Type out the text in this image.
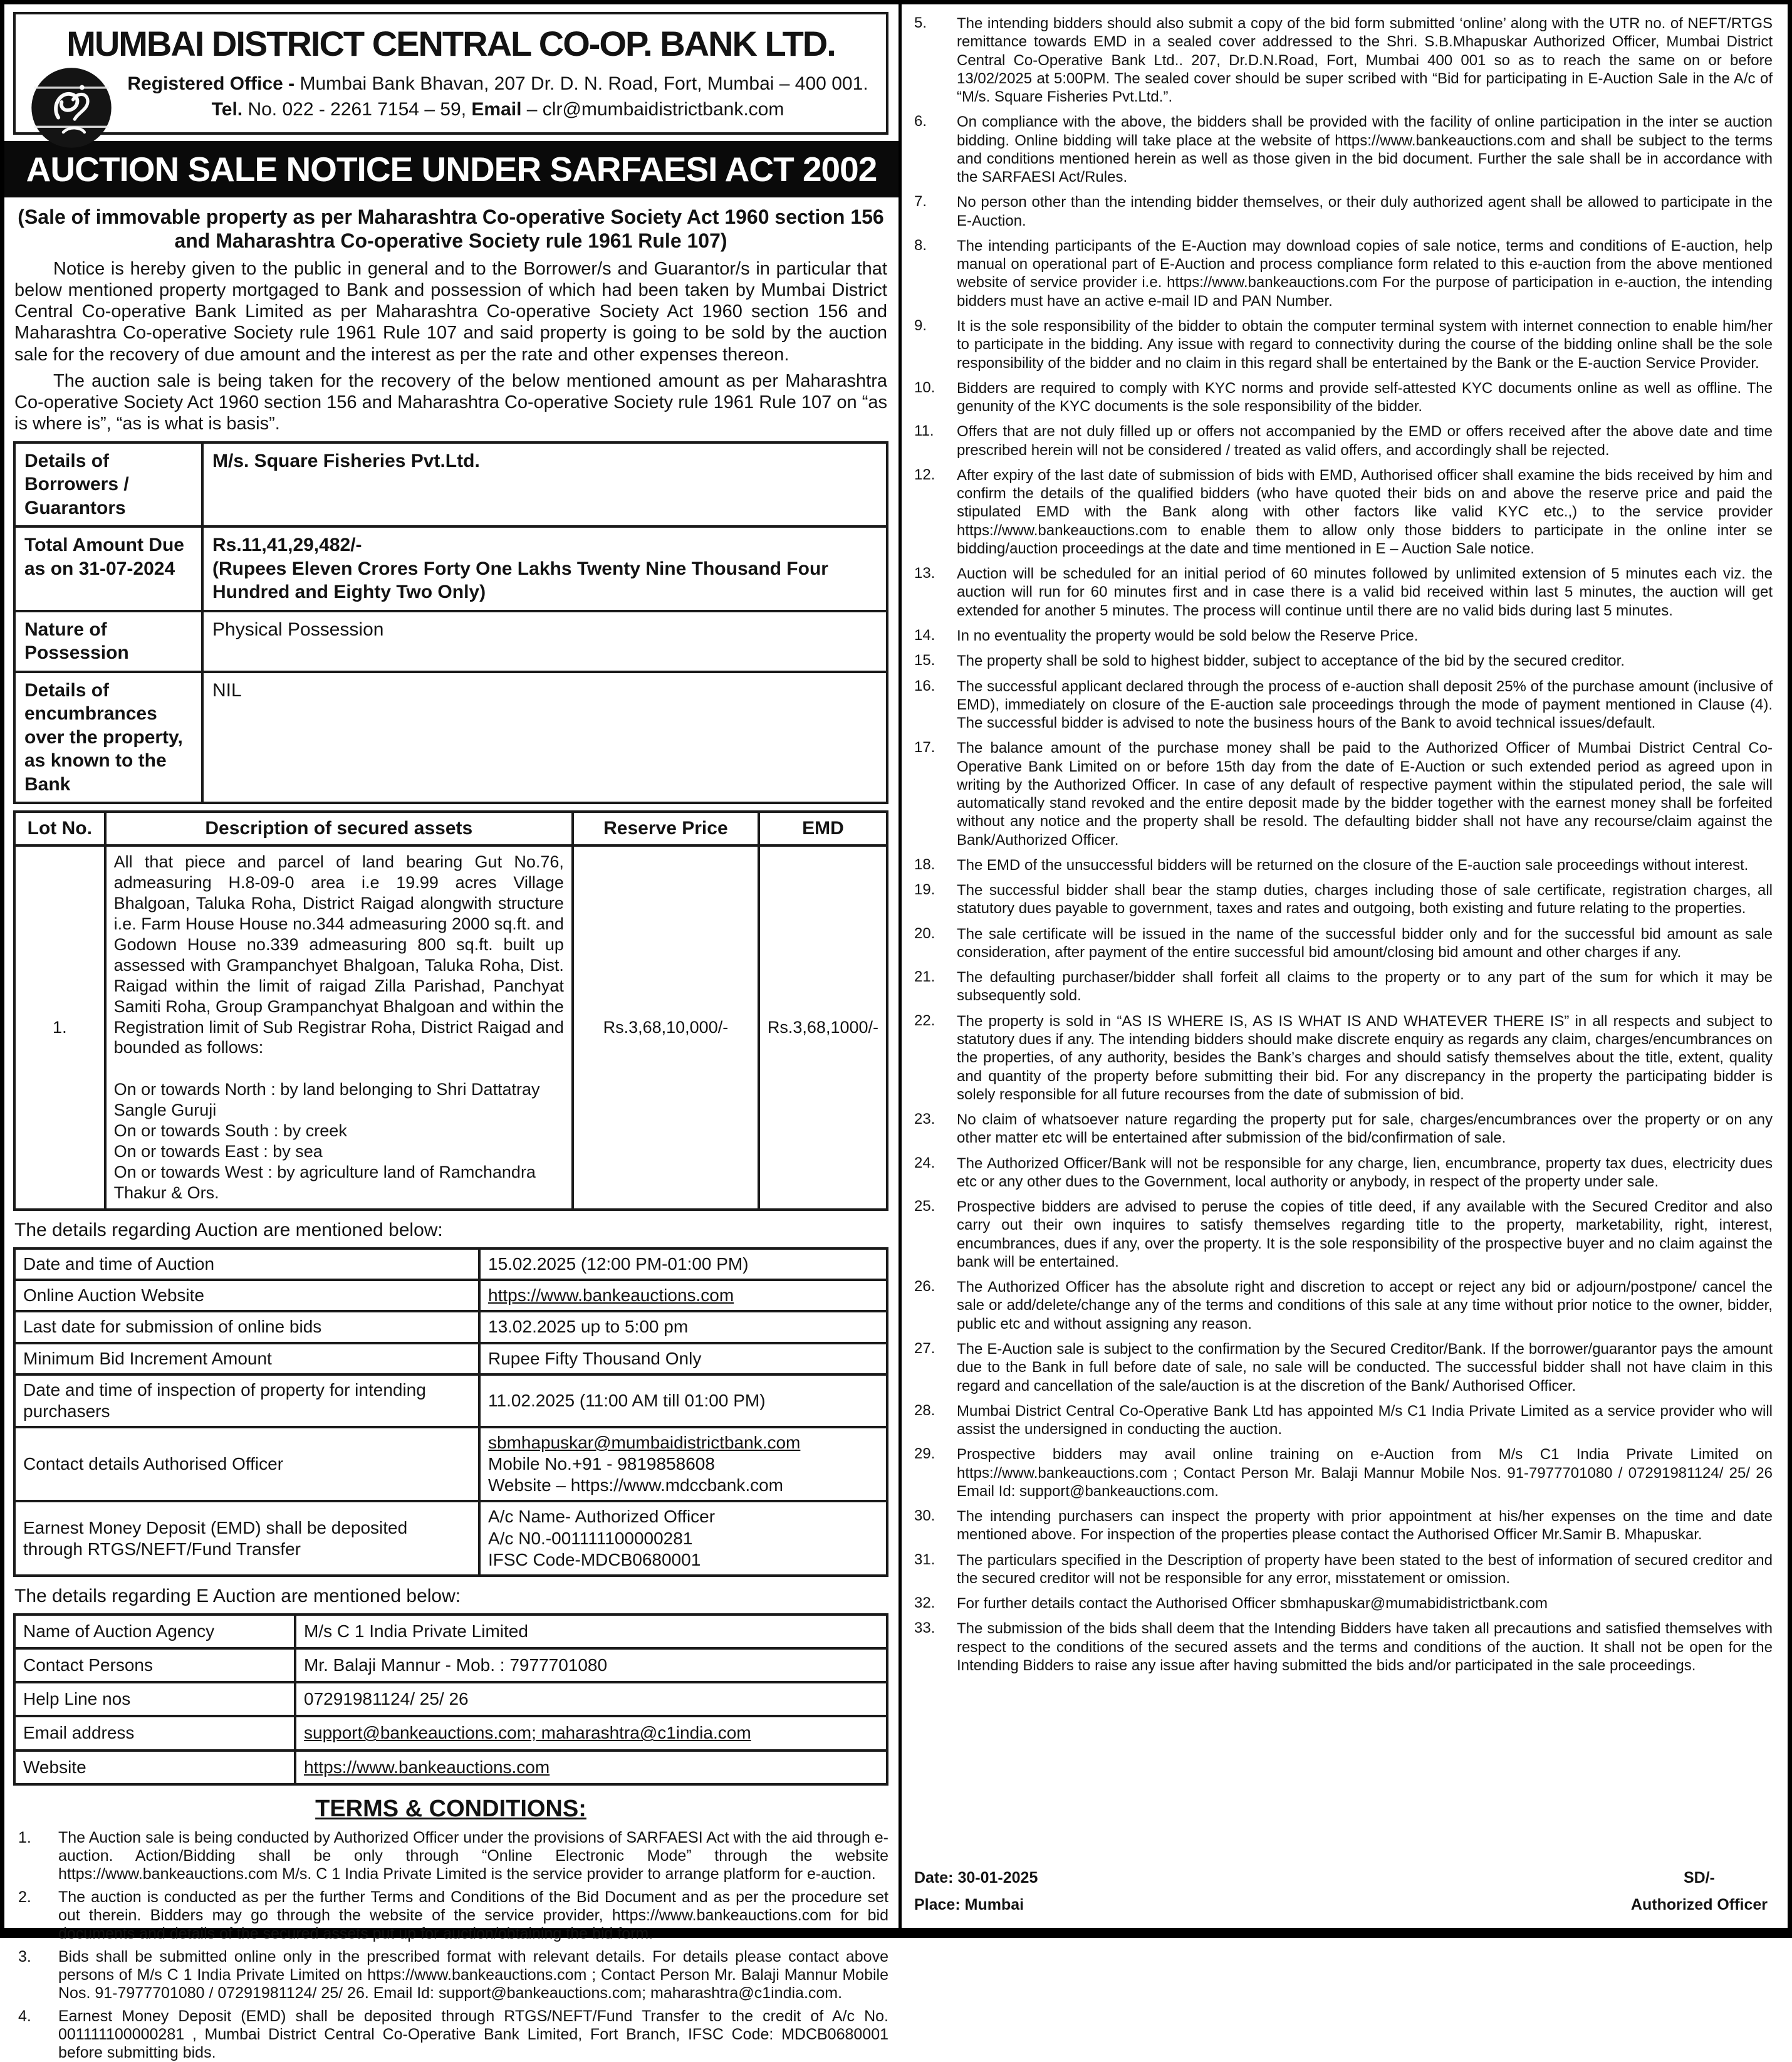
MUMBAI DISTRICT CENTRAL CO-OP. BANK LTD.
Registered Office - Mumbai Bank Bhavan, 207 Dr. D. N. Road, Fort, Mumbai – 400 001.
Tel. No. 022 - 2261 7154 – 59, Email – clr@mumbaidistrictbank.com
AUCTION SALE NOTICE UNDER SARFAESI ACT 2002
(Sale of immovable property as per Maharashtra Co-operative Society Act 1960 section 156 and Maharashtra Co-operative Society rule 1961 Rule 107)

Notice is hereby given to the public in general and to the Borrower/s and Guarantor/s in particular that below mentioned property mortgaged to Bank and possession of which had been taken by Mumbai District Central Co-operative Bank Limited as per Maharashtra Co-operative Society Act 1960 section 156 and Maharashtra Co-operative Society rule 1961 Rule 107 and said property is going to be sold by the auction sale for the recovery of due amount and the interest as per the rate and other expenses thereon.

The auction sale is being taken for the recovery of the below mentioned amount as per Maharashtra Co-operative Society Act 1960 section 156 and Maharashtra Co-operative Society rule 1961 Rule 107 on “as is where is”, “as is what is basis”.

Details of Borrowers / Guarantors	M/s. Square Fisheries Pvt.Ltd.
Total Amount Due as on 31-07-2024	Rs.11,41,29,482/-
(Rupees Eleven Crores Forty One Lakhs Twenty Nine Thousand Four Hundred and Eighty Two Only)

Nature of Possession	Physical Possession
Details of encumbrances over the property, as known to the Bank	NIL
Lot No.	Description of secured assets	Reserve Price	EMD
1.	All that piece and parcel of land bearing Gut No.76, admeasuring H.8-09-0 area i.e 19.99 acres Village Bhalgoan, Taluka Roha, District Raigad alongwith structure i.e. Farm House House no.344 admeasuring 2000 sq.ft. and Godown House no.339 admeasuring 800 sq.ft. built up assessed with Grampanchyet Bhalgoan, Taluka Roha, Dist. Raigad within the limit of raigad Zilla Parishad, Panchyat Samiti Roha, Group Grampanchyat Bhalgoan and within the Registration limit of Sub Registrar Roha, District Raigad and bounded as follows:
On or towards North : by land belonging to Shri Dattatray Sangle Guruji
On or towards South : by creek
On or towards East : by sea
On or towards West : by agriculture land of Ramchandra Thakur & Ors.	Rs.3,68,10,000/-	Rs.3,68,1000/-
The details regarding Auction are mentioned below:
Date and time of Auction	15.02.2025 (12:00 PM-01:00 PM)
Online Auction Website	https://www.bankeauctions.com
Last date for submission of online bids	13.02.2025 up to 5:00 pm
Minimum Bid Increment Amount	Rupee Fifty Thousand Only
Date and time of inspection of property for intending purchasers	11.02.2025 (11:00 AM till 01:00 PM)
Contact details Authorised Officer	sbmhapuskar@mumbaidistrictbank.com
Mobile No.+91 - 9819858608
Website – https://www.mdccbank.com

Earnest Money Deposit (EMD) shall be deposited through RTGS/NEFT/Fund Transfer	A/c Name- Authorized Officer
A/c N0.-001111100000281
IFSC Code-MDCB0680001
The details regarding E Auction are mentioned below:
Name of Auction Agency	M/s C 1 India Private Limited
Contact Persons	Mr. Balaji Mannur - Mob. : 7977701080
Help Line nos	07291981124/ 25/ 26
Email address	support@bankeauctions.com; maharashtra@c1india.com
Website	https://www.bankeauctions.com
TERMS & CONDITIONS:
1.	The Auction sale is being conducted by Authorized Officer under the provisions of SARFAESI Act with the aid through e-auction. Action/Bidding shall be only through “Online Electronic Mode” through the website https://www.bankeauctions.com M/s. C 1 India Private Limited is the service provider to arrange platform for e-auction.
2.	The auction is conducted as per the further Terms and Conditions of the Bid Document and as per the procedure set out therein. Bidders may go through the website of the service provider, https://www.bankeauctions.com for bid documents and details of the secured assets put up for auction/obtaining the bid form.
3.	Bids shall be submitted online only in the prescribed format with relevant details. For details please contact above persons of M/s C 1 India Private Limited on https://www.bankeauctions.com ; Contact Person Mr. Balaji Mannur Mobile Nos. 91-7977701080 / 07291981124/ 25/ 26. Email Id: support@bankeauctions.com; maharashtra@c1india.com.
4.	Earnest Money Deposit (EMD) shall be deposited through RTGS/NEFT/Fund Transfer to the credit of A/c No. 001111100000281 , Mumbai District Central Co-Operative Bank Limited, Fort Branch, IFSC Code: MDCB0680001 before submitting bids.
5.	The intending bidders should also submit a copy of the bid form submitted ‘online’ along with the UTR no. of NEFT/RTGS remittance towards EMD in a sealed cover addressed to the Shri. S.B.Mhapuskar Authorized Officer, Mumbai District Central Co-Operative Bank Ltd.. 207, Dr.D.N.Road, Fort, Mumbai 400 001 so as to reach the same on or before 13/02/2025 at 5:00PM. The sealed cover should be super scribed with “Bid for participating in E-Auction Sale in the A/c of “M/s. Square Fisheries Pvt.Ltd.”.
6.	On compliance with the above, the bidders shall be provided with the facility of online participation in the inter se auction bidding. Online bidding will take place at the website of https://www.bankeauctions.com and shall be subject to the terms and conditions mentioned herein as well as those given in the bid document. Further the sale shall be in accordance with the SARFAESI Act/Rules.
7.	No person other than the intending bidder themselves, or their duly authorized agent shall be allowed to participate in the E-Auction.
8.	The intending participants of the E-Auction may download copies of sale notice, terms and conditions of E-auction, help manual on operational part of E-Auction and process compliance form related to this e-auction from the above mentioned website of service provider i.e. https://www.bankeauctions.com For the purpose of participation in e-auction, the intending bidders must have an active e-mail ID and PAN Number.
9.	It is the sole responsibility of the bidder to obtain the computer terminal system with internet connection to enable him/her to participate in the bidding. Any issue with regard to connectivity during the course of the bidding online shall be the sole responsibility of the bidder and no claim in this regard shall be entertained by the Bank or the E-auction Service Provider.
10.	Bidders are required to comply with KYC norms and provide self-attested KYC documents online as well as offline. The genunity of the KYC documents is the sole responsibility of the bidder.
11.	Offers that are not duly filled up or offers not accompanied by the EMD or offers received after the above date and time prescribed herein will not be considered / treated as valid offers, and accordingly shall be rejected.
12.	After expiry of the last date of submission of bids with EMD, Authorised officer shall examine the bids received by him and confirm the details of the qualified bidders (who have quoted their bids on and above the reserve price and paid the stipulated EMD with the Bank along with other factors like valid KYC etc.,) to the service provider https://www.bankeauctions.com to enable them to allow only those bidders to participate in the online inter se bidding/auction proceedings at the date and time mentioned in E – Auction Sale notice.
13.	Auction will be scheduled for an initial period of 60 minutes followed by unlimited extension of 5 minutes each viz. the auction will run for 60 minutes first and in case there is a valid bid received within last 5 minutes, the auction will get extended for another 5 minutes. The process will continue until there are no valid bids during last 5 minutes.
14.	In no eventuality the property would be sold below the Reserve Price.
15.	The property shall be sold to highest bidder, subject to acceptance of the bid by the secured creditor.
16.	The successful applicant declared through the process of e-auction shall deposit 25% of the purchase amount (inclusive of EMD), immediately on closure of the E-auction sale proceedings through the mode of payment mentioned in Clause (4). The successful bidder is advised to note the business hours of the Bank to avoid technical issues/default.
17.	The balance amount of the purchase money shall be paid to the Authorized Officer of Mumbai District Central Co-Operative Bank Limited on or before 15th day from the date of E-Auction or such extended period as agreed upon in writing by the Authorized Officer. In case of any default of respective payment within the stipulated period, the sale will automatically stand revoked and the entire deposit made by the bidder together with the earnest money shall be forfeited without any notice and the property shall be resold. The defaulting bidder shall not have any recourse/claim against the Bank/Authorized Officer.
18.	The EMD of the unsuccessful bidders will be returned on the closure of the E-auction sale proceedings without interest.
19.	The successful bidder shall bear the stamp duties, charges including those of sale certificate, registration charges, all statutory dues payable to government, taxes and rates and outgoing, both existing and future relating to the properties.
20.	The sale certificate will be issued in the name of the successful bidder only and for the successful bid amount as sale consideration, after payment of the entire successful bid amount/closing bid amount and other charges if any.
21.	The defaulting purchaser/bidder shall forfeit all claims to the property or to any part of the sum for which it may be subsequently sold.
22.	The property is sold in “AS IS WHERE IS, AS IS WHAT IS AND WHATEVER THERE IS” in all respects and subject to statutory dues if any. The intending bidders should make discrete enquiry as regards any claim, charges/encumbrances on the properties, of any authority, besides the Bank’s charges and should satisfy themselves about the title, extent, quality and quantity of the property before submitting their bid. For any discrepancy in the property the participating bidder is solely responsible for all future recourses from the date of submission of bid.
23.	No claim of whatsoever nature regarding the property put for sale, charges/encumbrances over the property or on any other matter etc will be entertained after submission of the bid/confirmation of sale.
24.	The Authorized Officer/Bank will not be responsible for any charge, lien, encumbrance, property tax dues, electricity dues etc or any other dues to the Government, local authority or anybody, in respect of the property under sale.
25.	Prospective bidders are advised to peruse the copies of title deed, if any available with the Secured Creditor and also carry out their own inquires to satisfy themselves regarding title to the property, marketability, right, interest, encumbrances, dues if any, over the property. It is the sole responsibility of the prospective buyer and no claim against the bank will be entertained.
26.	The Authorized Officer has the absolute right and discretion to accept or reject any bid or adjourn/postpone/ cancel the sale or add/delete/change any of the terms and conditions of this sale at any time without prior notice to the owner, bidder, public etc and without assigning any reason.
27.	The E-Auction sale is subject to the confirmation by the Secured Creditor/Bank. If the borrower/guarantor pays the amount due to the Bank in full before date of sale, no sale will be conducted. The successful bidder shall not have claim in this regard and cancellation of the sale/auction is at the discretion of the Bank/ Authorised Officer.
28.	Mumbai District Central Co-Operative Bank Ltd has appointed M/s C1 India Private Limited as a service provider who will assist the undersigned in conducting the auction.
29.	Prospective bidders may avail online training on e-Auction from M/s C1 India Private Limited on https://www.bankeauctions.com ; Contact Person Mr. Balaji Mannur Mobile Nos. 91-7977701080 / 07291981124/ 25/ 26 Email Id: support@bankeauctions.com.
30.	The intending purchasers can inspect the property with prior appointment at his/her expenses on the time and date mentioned above. For inspection of the properties please contact the Authorised Officer Mr.Samir B. Mhapuskar.
31.	The particulars specified in the Description of property have been stated to the best of information of secured creditor and the secured creditor will not be responsible for any error, misstatement or omission.
32.	For further details contact the Authorised Officer sbmhapuskar@mumabidistrictbank.com
33.	The submission of the bids shall deem that the Intending Bidders have taken all precautions and satisfied themselves with respect to the conditions of the secured assets and the terms and conditions of the auction. It shall not be open for the Intending Bidders to raise any issue after having submitted the bids and/or participated in the sale proceedings.
Date: 30-01-2025
Place: Mumbai
SD/-
Authorized Officer
